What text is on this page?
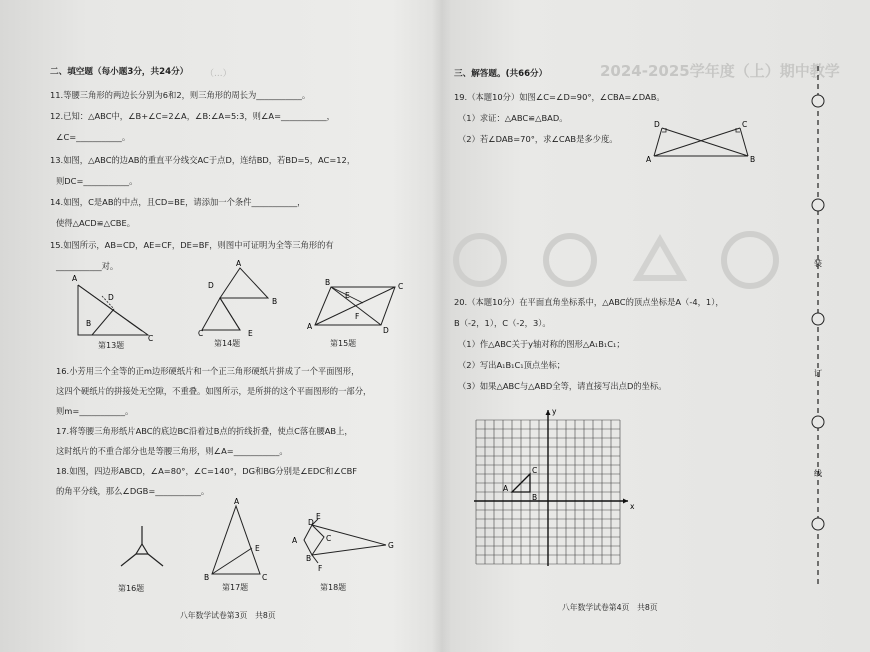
（...）
二、填空题（每小题3分，共24分）
11.等腰三角形的两边长分别为6和2，则三角形的周长为___________。
12.已知：△ABC中，∠B+∠C=2∠A，∠B:∠A=5:3，则∠A=___________，
∠C=___________。
13.如图，△ABC的边AB的重直平分线交AC于点D，连结BD，若BD=5，AC=12，
则DC=___________。
14.如图，C是AB的中点，且CD=BE，请添加一个条件___________，
使得△ACD≌△CBE。
15.如图所示，AB=CD，AE=CF，DE=BF，则图中可证明为全等三角形的有
___________对。
A
D
B
C
第13题
A
D
E
B
C
第14题
B
E
C
A
F
D
第15题
16.小芳用三个全等的正m边形硬纸片和一个正三角形硬纸片拼成了一个平面图形，
这四个硬纸片的拼接处无空隙，不重叠。如图所示，是所拼的这个平面图形的一部分，
则m=___________。
17.将等腰三角形纸片ABC的底边BC沿着过B点的折线折叠，使点C落在腰AB上，
这时纸片的不重合部分也是等腰三角形，则∠A=___________。
18.如图，四边形ABCD，∠A=80°，∠C=140°，DG和BG分别是∠EDC和∠CBF
的角平分线，那么∠DGB=___________。
第16题
A
E
B	C
第17题
D
E
A	C
G
B
F
第18题
八年数学试卷第3页　共8页
三、解答题。(共66分）	2024-2025学年度（上）期中教学
19.（本题10分）如图∠C=∠D=90°，∠CBA=∠DAB。
（1）求证：△ABC≌△BAD。
（2）若∠DAB=70°，求∠CAB是多少度。
D	C
A	B
20.（本题10分）在平面直角坐标系中，△ABC的顶点坐标是A（-4，1），
B（-2，1），C（-2，3）。
（1）作△ABC关于y轴对称的图形△A₁B₁C₁；
（2）写出A₁B₁C₁顶点坐标；
（3）如果△ABC与△ABD全等，请直接写出点D的坐标。
y
x
A
B
C
八年数学试卷第4页　共8页
装
订
线
